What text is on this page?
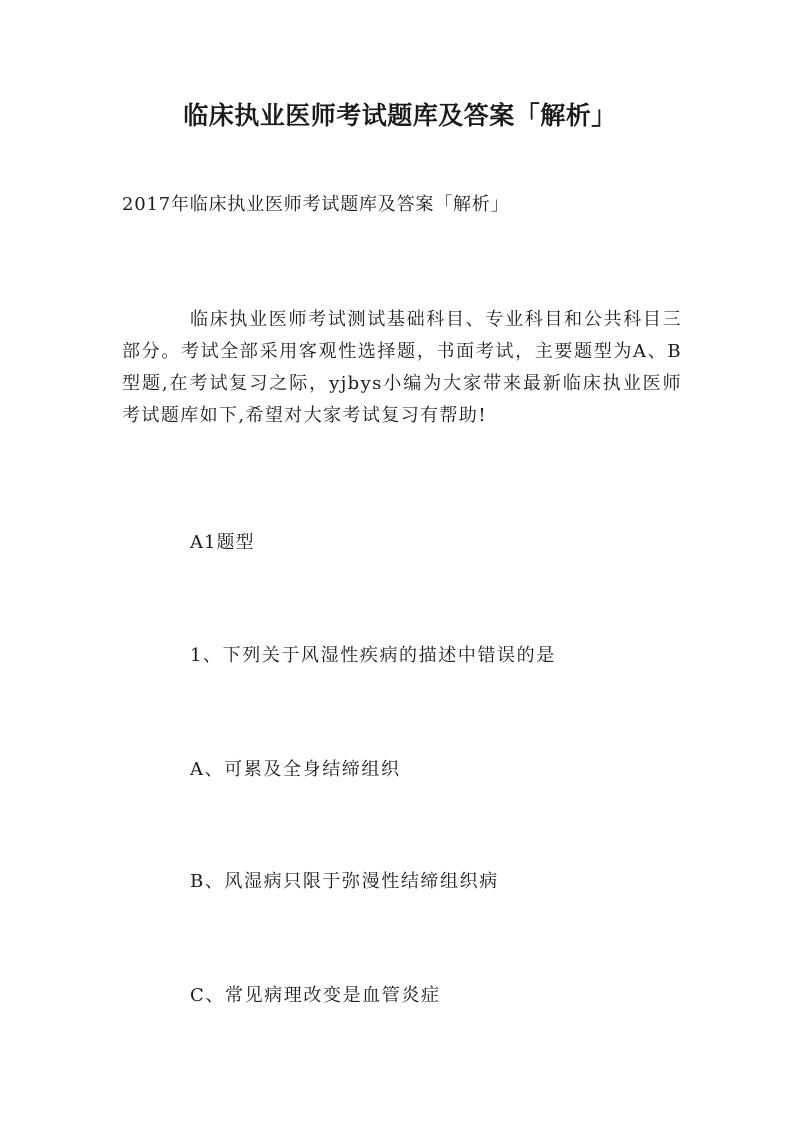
临床执业医师考试题库及答案「解析」
2017年临床执业医师考试题库及答案「解析」
临床执业医师考试测试基础科目、专业科目和公共科目三部分。考试全部采用客观性选择题，书面考试，主要题型为A、B型题,在考试复习之际，yjbys小编为大家带来最新临床执业医师考试题库如下,希望对大家考试复习有帮助!
A1题型
1、下列关于风湿性疾病的描述中错误的是
A、可累及全身结缔组织
B、风湿病只限于弥漫性结缔组织病
C、常见病理改变是血管炎症
